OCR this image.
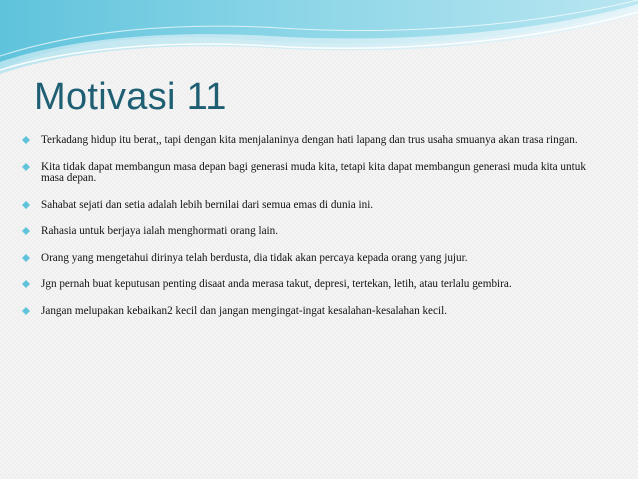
Motivasi 11
Terkadang hidup itu berat,, tapi dengan kita menjalaninya dengan hati lapang dan trus usaha smuanya akan trasa ringan.
Kita tidak dapat membangun masa depan bagi generasi muda kita, tetapi kita dapat membangun generasi muda kita untuk masa depan.
Sahabat sejati dan setia adalah lebih bernilai dari semua emas di dunia ini.
Rahasia untuk berjaya ialah menghormati orang lain.
Orang yang mengetahui dirinya telah berdusta, dia tidak akan percaya kepada orang yang jujur.
Jgn pernah buat keputusan penting disaat anda merasa takut, depresi, tertekan, letih, atau terlalu gembira.
Jangan melupakan kebaikan2 kecil dan jangan mengingat-ingat kesalahan-kesalahan kecil.
